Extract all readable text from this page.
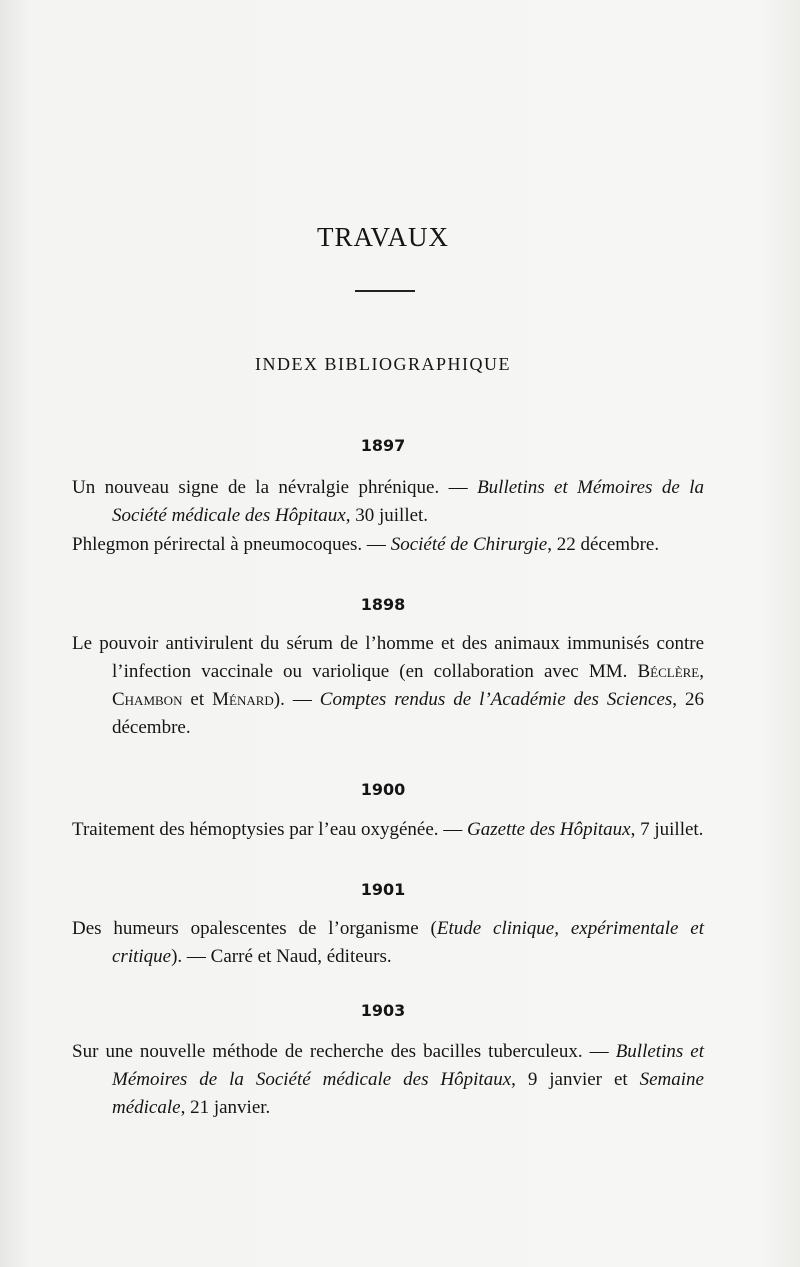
TRAVAUX
INDEX BIBLIOGRAPHIQUE
1897
Un nouveau signe de la névralgie phrénique. — Bulletins et Mémoires de la Société médicale des Hôpitaux, 30 juillet.
Phlegmon périrectal à pneumocoques. — Société de Chirurgie, 22 décembre.
1898
Le pouvoir antivirulent du sérum de l’homme et des animaux immunisés contre l’infection vaccinale ou variolique (en collaboration avec MM. Béclère, Chambon et Ménard). — Comptes rendus de l’Académie des Sciences, 26 décembre.
1900
Traitement des hémoptysies par l’eau oxygénée. — Gazette des Hôpitaux, 7 juillet.
1901
Des humeurs opalescentes de l’organisme (Etude clinique, expérimentale et critique). — Carré et Naud, éditeurs.
1903
Sur une nouvelle méthode de recherche des bacilles tuberculeux. — Bulletins et Mémoires de la Société médicale des Hôpitaux, 9 janvier et Semaine médicale, 21 janvier.
